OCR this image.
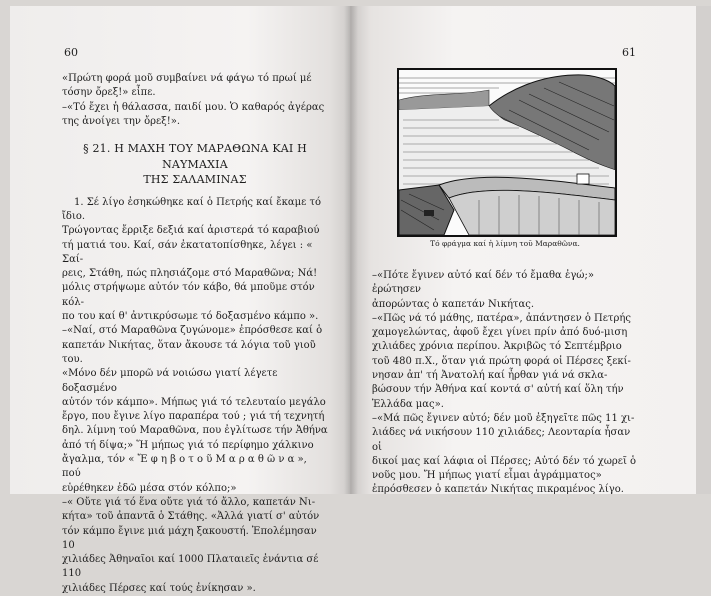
60

«Πρώτη φορά μοῦ συμβαίνει νά φάγω τό πρωί μέ

τόσην ὄρεξ!» εἶπε.

–«Τό ἔχει ἡ θάλασσα, παιδί μου. Ὁ καθαρός ἀγέρας

της ἀνοίγει την ὄρεξ!».

§ 21. Η ΜΑΧΗ ΤΟΥ ΜΑΡΑΘΩΝΑ ΚΑΙ Η ΝΑΥΜΑΧΙΑ
ΤΗΣ ΣΑΛΑΜΙΝΑΣ

1. Σέ λίγο ἐσηκώθηκε καί ὁ Πετρής καί ἔκαμε τό ἴδιο.

Τρώγοντας ἔρριξε δεξιά καί ἀριστερά τό καραβιού

τή ματιά του. Καί, σάν ἐκατατοπίσθηκε, λέγει : « Σαί-

ρεις, Στάθη, πώς πλησιάζομε στό Μαραθῶνα; Νά!

μόλις στρήψωμε αὐτόν τόν κάβο, θά μποῦμε στόν κόλ-

πο του καί θ' ἀντικρύσωμε τό δοξασμένο κάμπο ».

–«Ναί, στό Μαραθῶνα ζυγώνομε» ἐπρόσθεσε καί ὁ

καπετάν Νικήτας, ὅταν ἄκουσε τά λόγια τοῦ γιοῦ του.

«Μόνο δέν μπορῶ νά νοιώσω γιατί λέγετε δοξασμένο

αὐτόν τόν κάμπο». Μήπως γιά τό τελευταίο μεγάλο

ἔργο, που ἔγινε λίγο παραπέρα τού ; γιά τή τεχνητή

δηλ. λίμνη τού Μαραθῶνα, που ἐγλίτωσε τήν Ἀθήνα

ἀπό τή δίψα;» Ἥ μήπως γιά τό περίφημο χάλκινο

ἄγαλμα, τόν « Ἔ φ η β ο τ ο ῦ Μ α ρ α θ ῶ ν α », πού

εὑρέθηκεν ἐδῶ μέσα στόν κόλπο;»

–« Οὔτε γιά τό ἕνα οὔτε γιά τό ἄλλο, καπετάν Νι-

κήτα» τοῦ ἀπαντᾶ ὁ Στάθης. «Ἀλλά γιατί σ' αὐτόν

τόν κάμπο ἔγινε μιά μάχη ξακουστή. Ἐπολέμησαν 10

χιλιάδες Ἀθηναῖοι καί 1000 Πλαταιεῖς ἐνάντια σέ 110

χιλιάδες Πέρσες καί τούς ἐνίκησαν ».

61
Τό φράγμα καί ἡ λίμνη τοῦ Μαραθῶνα.

–«Πότε ἔγινεν αὐτό καί δέν τό ἔμαθα ἐγώ;» ἐρώτησεν

ἀπορώντας ὁ καπετάν Νικήτας.

–«Πῶς νά τό μάθης, πατέρα», ἀπάντησεν ὁ Πετρής

χαμογελώντας, ἀφοῦ ἔχει γίνει πρίν ἀπό δυό-μιση

χιλιάδες χρόνια περίπου. Ἀκριβῶς τό Σεπτέμβριο

τοῦ 480 π.Χ., ὅταν γιά πρώτη φορά οἱ Πέρσες ξεκί-

νησαν ἀπ' τή Ἀνατολή καί ἦρθαν γιά νά σκλα-

βώσουν τήν Ἀθήνα καί κοντά σ' αὐτή καί ὅλη τήν

Ἑλλάδα μας».

–«Μά πῶς ἔγινεν αὐτό; δέν μοῦ ἐξηγεῖτε πῶς 11 χι-

λιάδες νά νικήσουν 110 χιλιάδες; Λεονταρία ἦσαν οἱ

δικοί μας καί λάφια οἱ Πέρσες; Αὐτό δέν τό χωρεῖ ὁ

νοῦς μου. Ἤ μήπως γιατί εἶμαι ἀγράμματος»

ἐπρόσθεσεν ὁ καπετάν Νικήτας πικραμένος λίγο.
